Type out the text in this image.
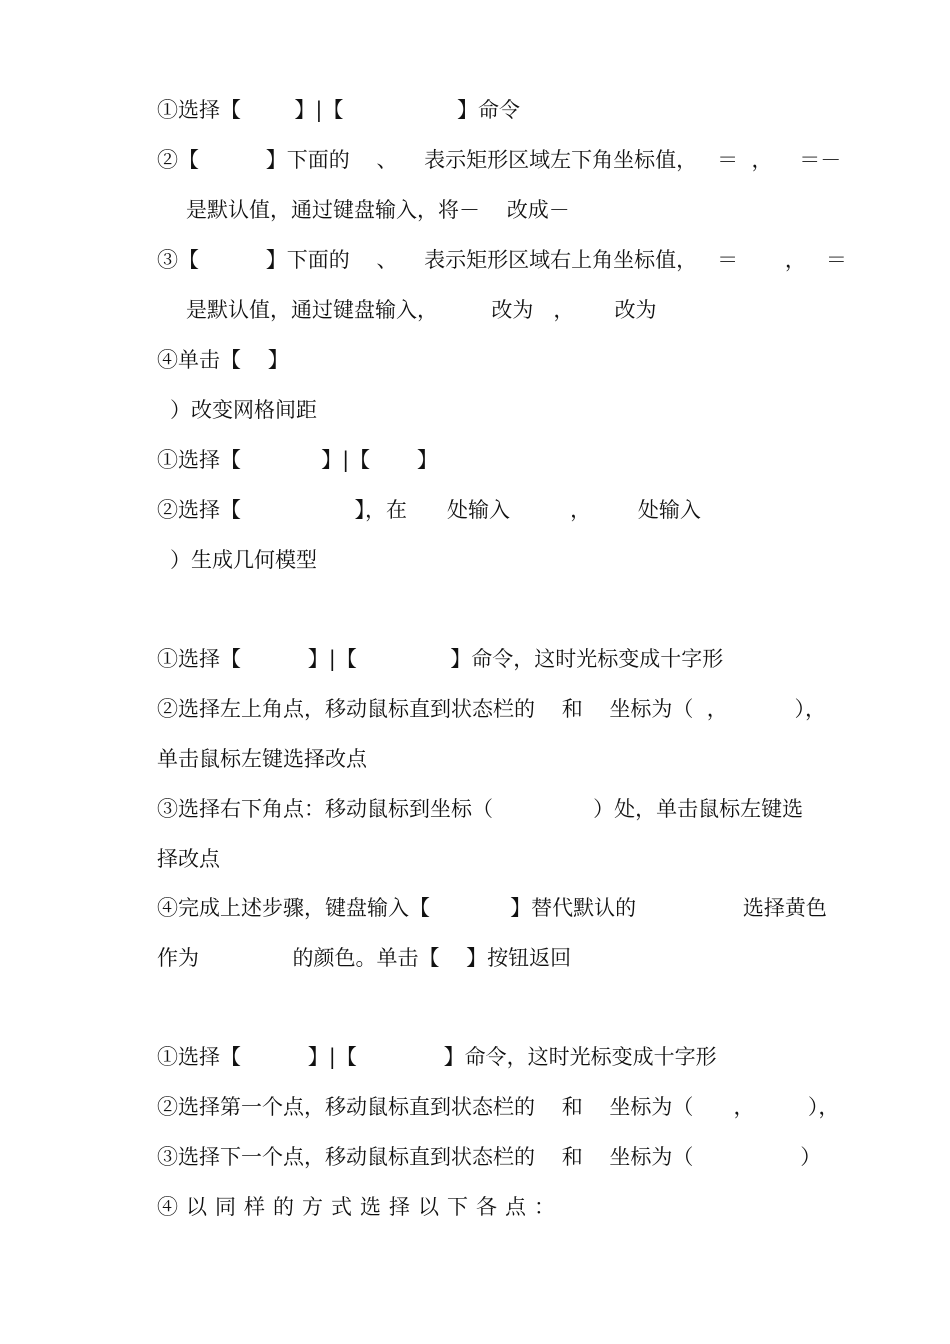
①选择【        】|【                 】命令
②【          】下面的    、    表示矩形区域左下角坐标值，   ＝  ，    ＝－
是默认值，通过键盘输入，将－    改成－
③【          】下面的    、    表示矩形区域右上角坐标值，   ＝       ，   ＝
是默认值，通过键盘输入，        改为   ，      改为
④单击【    】
）改变网格间距
①选择【            】|【       】
②选择【                 】，在      处输入         ，       处输入
）生成几何模型
①选择【          】|【              】命令，这时光标变成十字形
②选择左上角点，移动鼠标直到状态栏的    和    坐标为（  ，          ），
单击鼠标左键选择改点
③选择右下角点：移动鼠标到坐标（               ）处，单击鼠标左键选
择改点
④完成上述步骤，键盘输入【            】替代默认的                选择黄色
作为              的颜色。单击【    】按钮返回
①选择【          】|【             】命令，这时光标变成十字形
②选择第一个点，移动鼠标直到状态栏的    和    坐标为（      ，        ），
③选择下一个点，移动鼠标直到状态栏的    和    坐标为（                ）
④以同样的方式选择以下各点：
